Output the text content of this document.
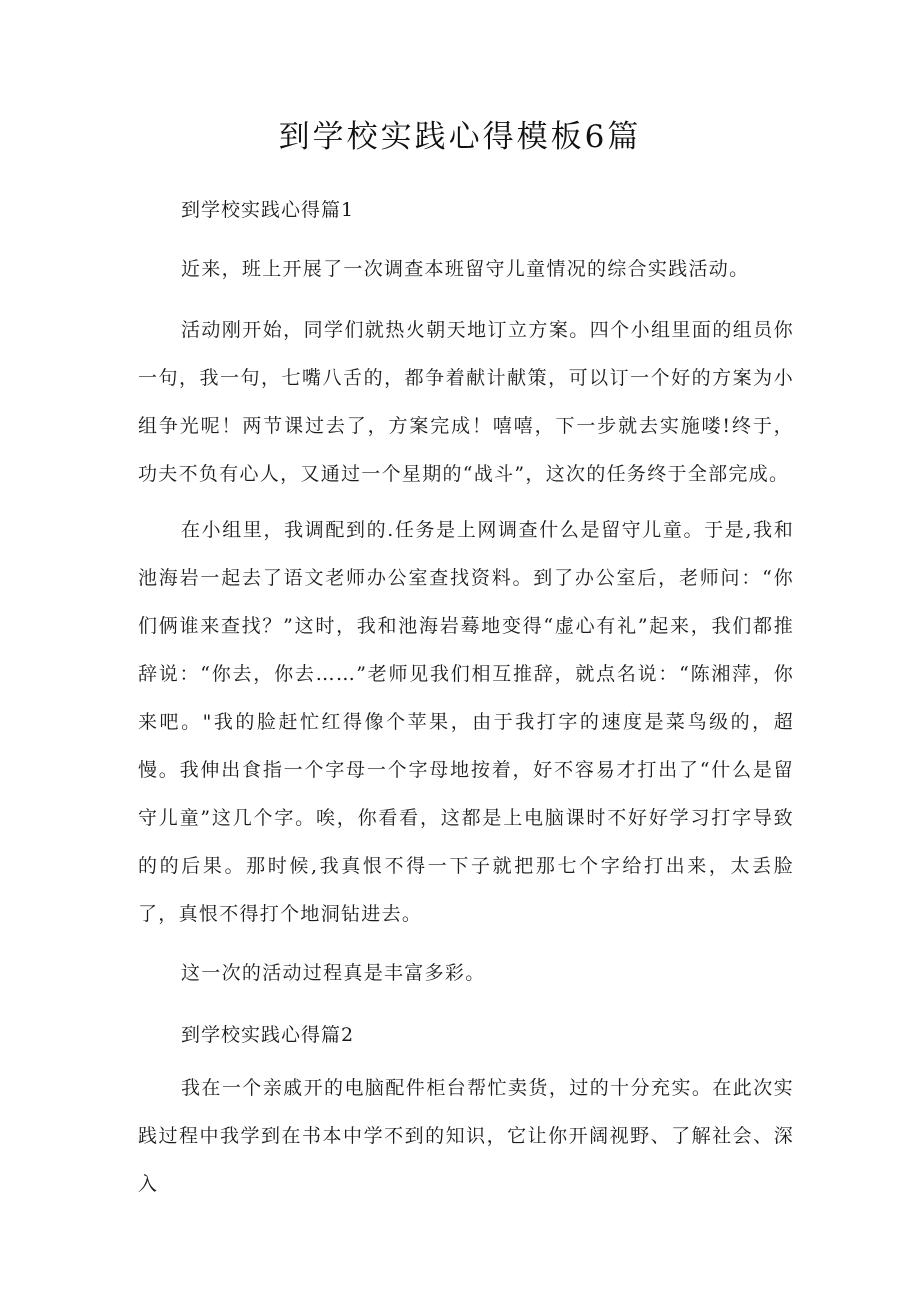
到学校实践心得模板6篇

到学校实践心得篇1

近来，班上开展了一次调查本班留守儿童情况的综合实践活动。

活动刚开始，同学们就热火朝天地订立方案。四个小组里面的组员你一句，我一句，七嘴八舌的，都争着献计献策，可以订一个好的方案为小组争光呢！两节课过去了，方案完成！嘻嘻，下一步就去实施喽!终于，功夫不负有心人，又通过一个星期的“战斗”，这次的任务终于全部完成。

在小组里，我调配到的.任务是上网调查什么是留守儿童。于是,我和池海岩一起去了语文老师办公室查找资料。到了办公室后，老师问：“你们俩谁来查找？”这时，我和池海岩蓦地变得“虚心有礼”起来，我们都推辞说：“你去，你去……”老师见我们相互推辞，就点名说：“陈湘萍，你来吧。"我的脸赶忙红得像个苹果，由于我打字的速度是菜鸟级的，超慢。我伸出食指一个字母一个字母地按着，好不容易才打出了“什么是留守儿童”这几个字。唉，你看看，这都是上电脑课时不好好学习打字导致的的后果。那时候,我真恨不得一下子就把那七个字给打出来，太丢脸了，真恨不得打个地洞钻进去。

这一次的活动过程真是丰富多彩。

到学校实践心得篇2

我在一个亲戚开的电脑配件柜台帮忙卖货，过的十分充实。在此次实践过程中我学到在书本中学不到的知识，它让你开阔视野、了解社会、深入
